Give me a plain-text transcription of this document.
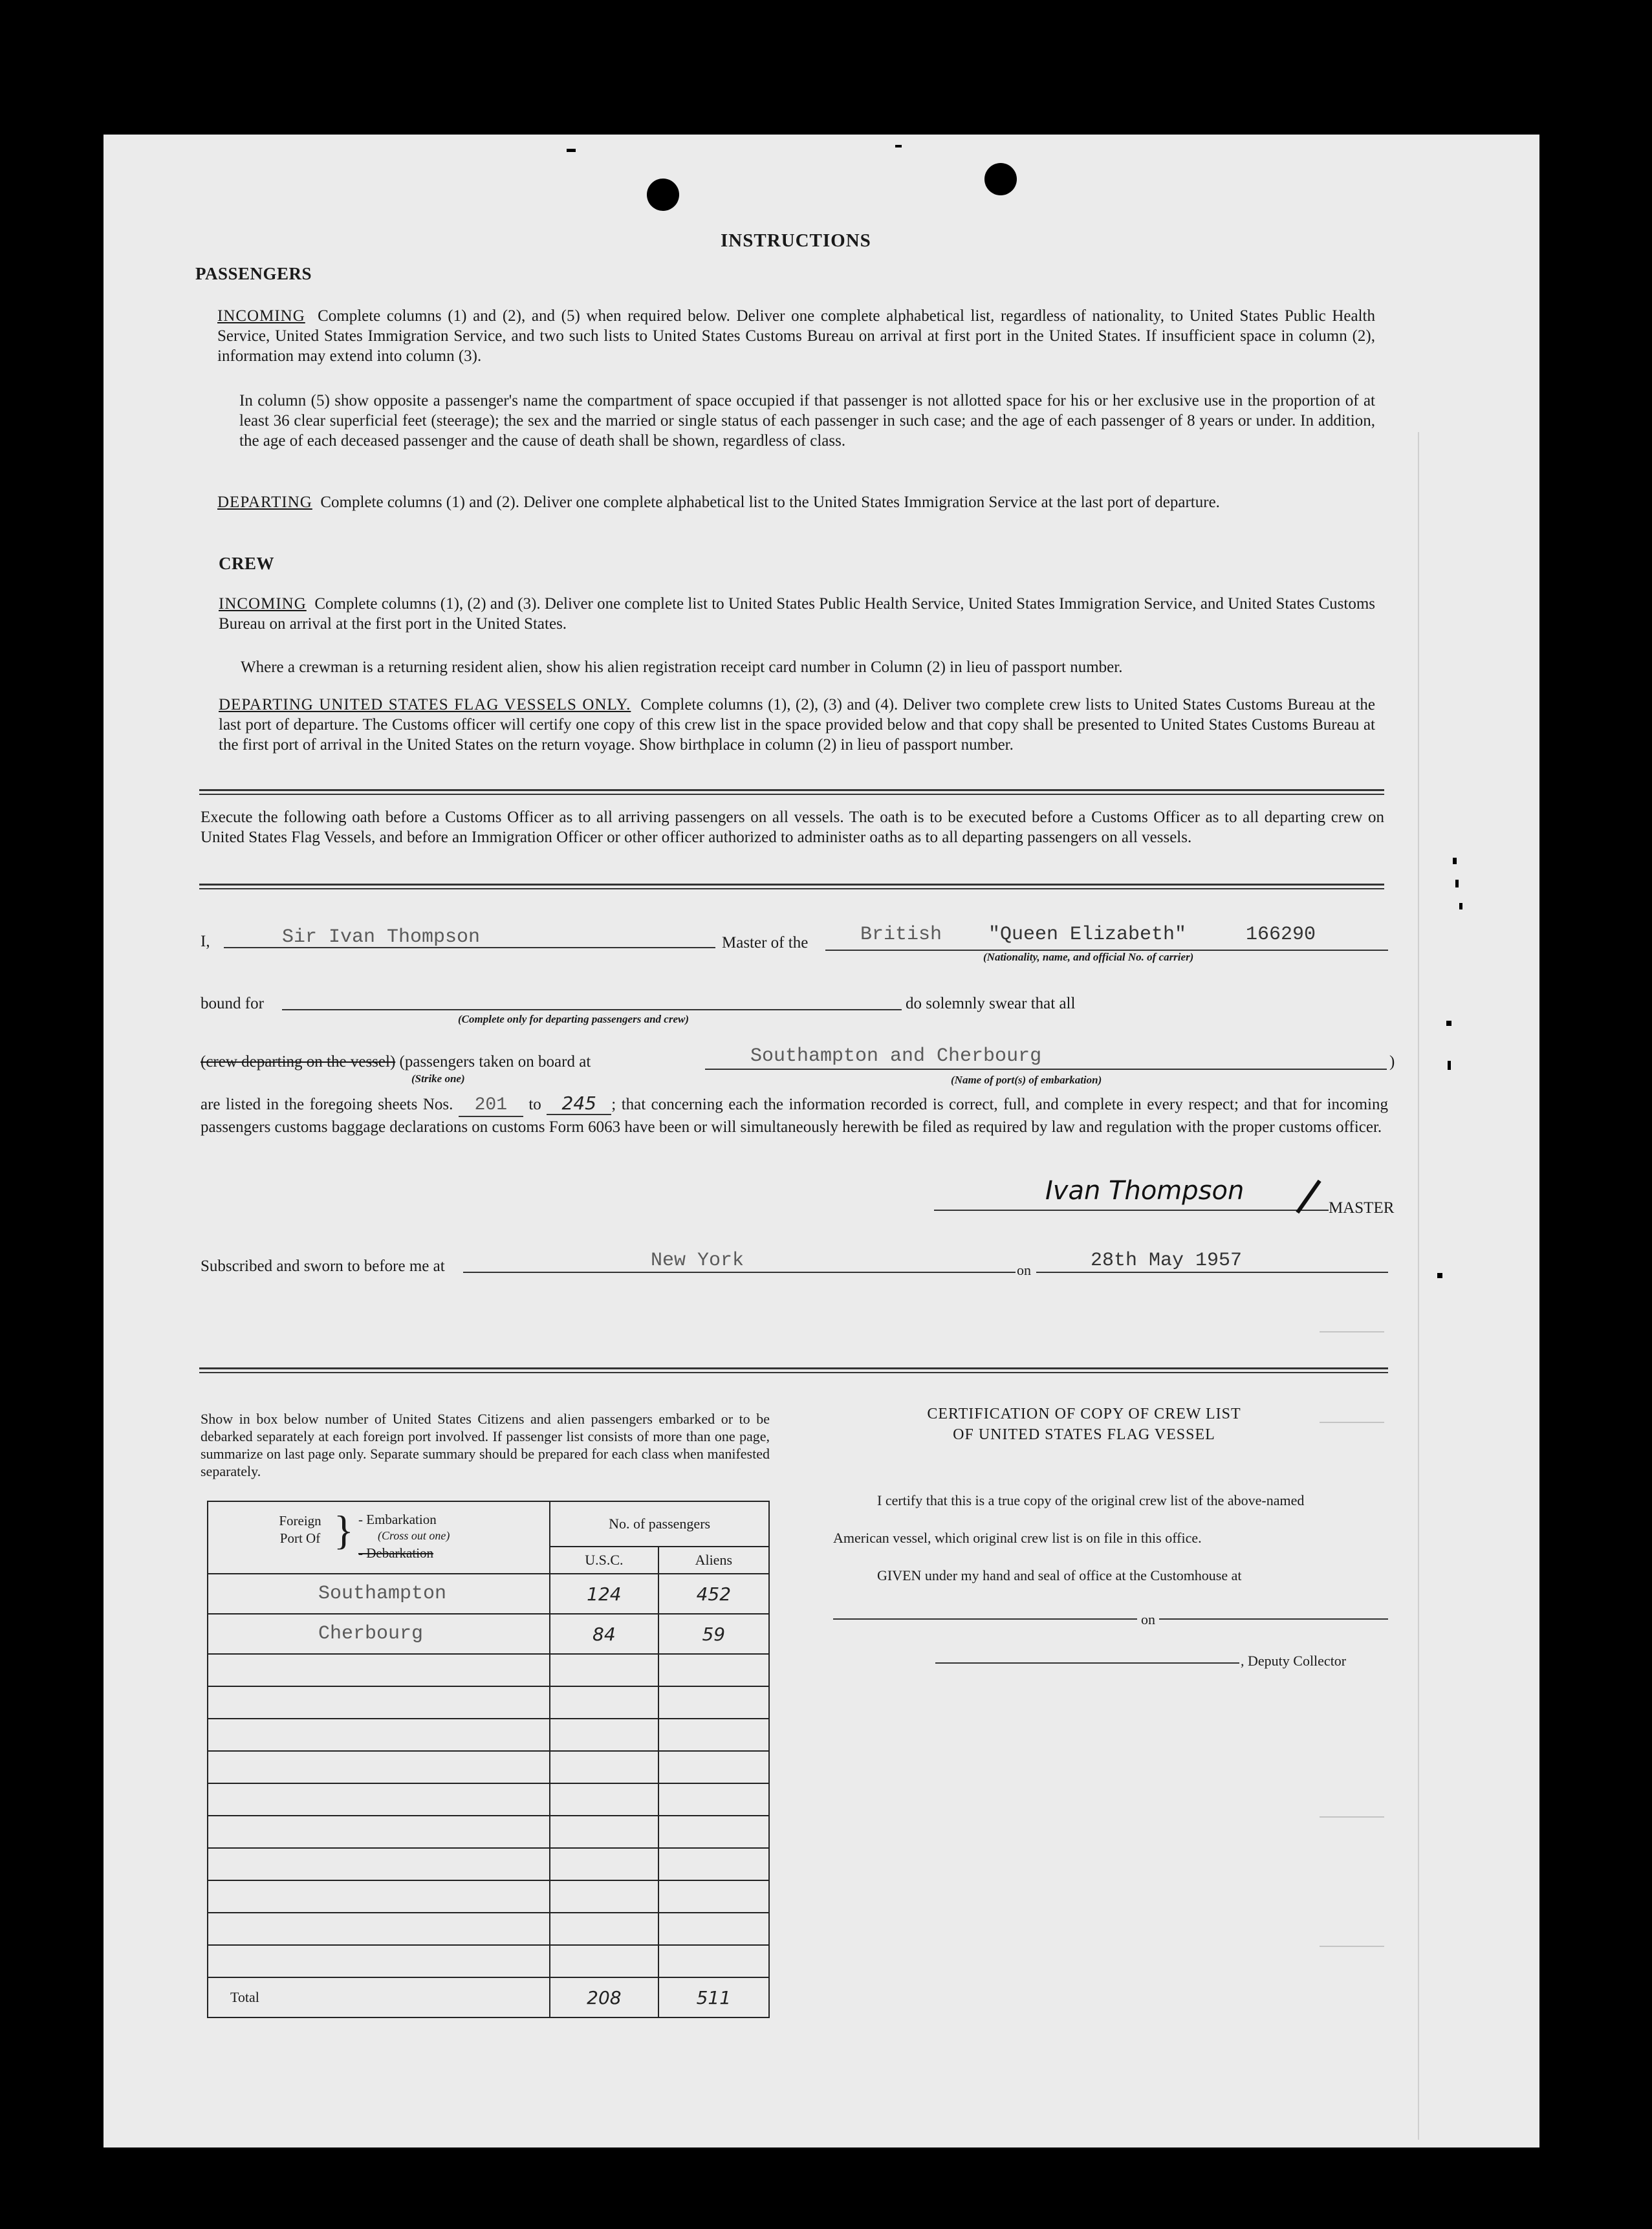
INSTRUCTIONS
PASSENGERS
INCOMING Complete columns (1) and (2), and (5) when required below. Deliver one complete alphabetical list, regardless of nationality, to United States Public Health Service, United States Immigration Service, and two such lists to United States Customs Bureau on arrival at first port in the United States. If insufficient space in column (2), information may extend into column (3).
In column (5) show opposite a passenger's name the compartment of space occupied if that passenger is not allotted space for his or her exclusive use in the proportion of at least 36 clear superficial feet (steerage); the sex and the married or single status of each passenger in such case; and the age of each passenger of 8 years or under. In addition, the age of each deceased passenger and the cause of death shall be shown, regardless of class.
DEPARTING Complete columns (1) and (2). Deliver one complete alphabetical list to the United States Immigration Service at the last port of departure.
CREW
INCOMING Complete columns (1), (2) and (3). Deliver one complete list to United States Public Health Service, United States Immigration Service, and United States Customs Bureau on arrival at the first port in the United States.
Where a crewman is a returning resident alien, show his alien registration receipt card number in Column (2) in lieu of passport number.
DEPARTING UNITED STATES FLAG VESSELS ONLY. Complete columns (1), (2), (3) and (4). Deliver two complete crew lists to United States Customs Bureau at the last port of departure. The Customs officer will certify one copy of this crew list in the space provided below and that copy shall be presented to United States Customs Bureau at the first port of arrival in the United States on the return voyage. Show birthplace in column (2) in lieu of passport number.
Execute the following oath before a Customs Officer as to all arriving passengers on all vessels. The oath is to be executed before a Customs Officer as to all departing crew on United States Flag Vessels, and before an Immigration Officer or other officer authorized to administer oaths as to all departing passengers on all vessels.
I,	Sir Ivan Thompson	Master of the	British "Queen Elizabeth"	166290
(Nationality, name, and official No. of carrier)
bound for
(Complete only for departing passengers and crew)
do solemnly swear that all
(crew departing on the vessel) (passengers taken on board at
(Strike one)
Southampton and Cherbourg	)
(Name of port(s) of embarkation)
are listed in the foregoing sheets Nos. 201 to 245 ; that concerning each the information recorded is correct, full, and complete in every respect; and that for incoming passengers customs baggage declarations on customs Form 6063 have been or will simultaneously herewith be filed as required by law and regulation with the proper customs officer.
Ivan Thompson
MASTER
Subscribed and sworn to before me at	New York	on	28th May 1957
Show in box below number of United States Citizens and alien passengers embarked or to be debarked separately at each foreign port involved. If passenger list consists of more than one page, summarize on last page only. Separate summary should be prepared for each class when manifested separately.
Foreign Port Of } - Embarkation
(Cross out one)
- Debarkation	No. of passengers	
	U.S.C.	Aliens
Southampton	124	452
Cherbourg	84	59

Total	208	511
CERTIFICATION OF COPY OF CREW LIST
OF UNITED STATES FLAG VESSEL
I certify that this is a true copy of the original crew list of the above-named
American vessel, which original crew list is on file in this office.
GIVEN under my hand and seal of office at the Customhouse at
on
, Deputy Collector
